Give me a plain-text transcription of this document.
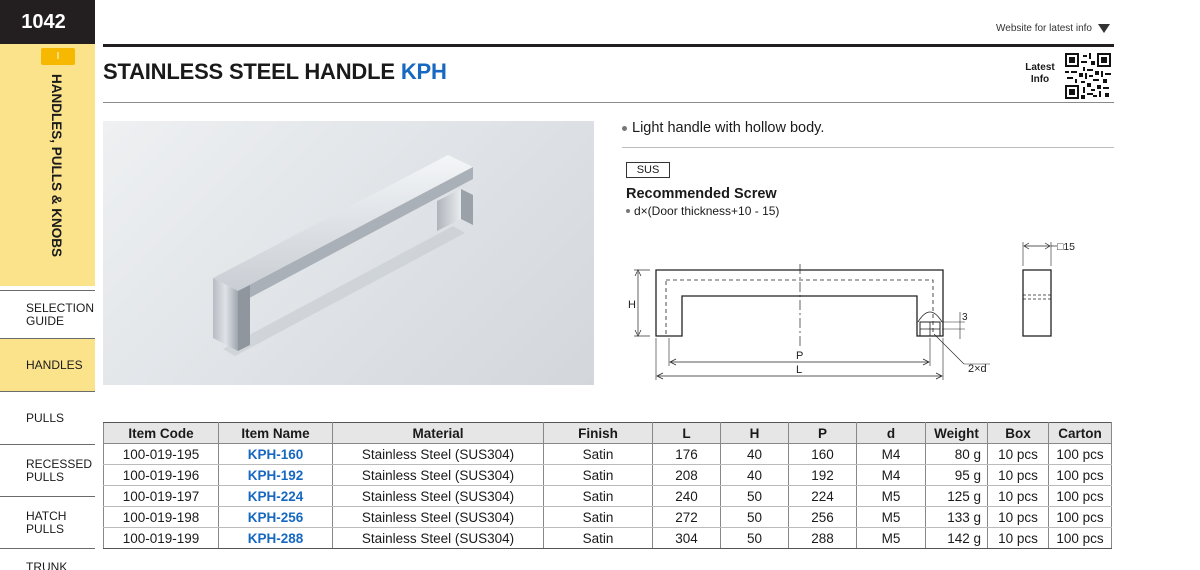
1042
I
HANDLES, PULLS & KNOBS
SELECTION GUIDE
HANDLES
PULLS
RECESSED PULLS
HATCH PULLS
TRUNK
Website for latest info
STAINLESS STEEL HANDLE KPH	Latest Info
Light handle with hollow body.
SUS
Recommended Screw
d×(Door thickness+10 - 15)
H
P
L
3
2×d
□15
Item Code	Item Name	Material	Finish	L	H	P	d	Weight	Box	Carton
100-019-195	KPH-160	Stainless Steel (SUS304)	Satin	176	40	160	M4	80 g	10 pcs	100 pcs
100-019-196	KPH-192	Stainless Steel (SUS304)	Satin	208	40	192	M4	95 g	10 pcs	100 pcs
100-019-197	KPH-224	Stainless Steel (SUS304)	Satin	240	50	224	M5	125 g	10 pcs	100 pcs
100-019-198	KPH-256	Stainless Steel (SUS304)	Satin	272	50	256	M5	133 g	10 pcs	100 pcs
100-019-199	KPH-288	Stainless Steel (SUS304)	Satin	304	50	288	M5	142 g	10 pcs	100 pcs
